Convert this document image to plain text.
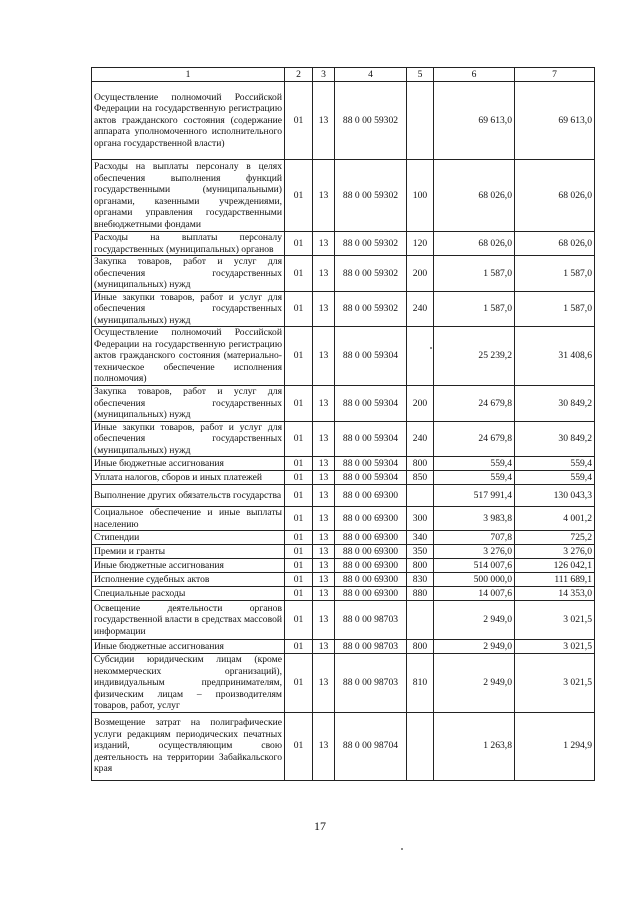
1	2	3	4	5	6	7
Осуществление полномочий Российской Федерации на государственную регистрацию актов гражданского состояния (содержание аппарата уполномоченного исполнительного органа государственной власти)	01	13	88 0 00 59302		69 613,0	69 613,0
Расходы на выплаты персоналу в целях обеспечения выполнения функций государственными (муниципальными) органами, казенными учреждениями, органами управления государственными внебюджетными фондами	01	13	88 0 00 59302	100	68 026,0	68 026,0
Расходы на выплаты персоналу государственных (муниципальных) органов	01	13	88 0 00 59302	120	68 026,0	68 026,0
Закупка товаров, работ и услуг для обеспечения государственных (муниципальных) нужд	01	13	88 0 00 59302	200	1 587,0	1 587,0
Иные закупки товаров, работ и услуг для обеспечения государственных (муниципальных) нужд	01	13	88 0 00 59302	240	1 587,0	1 587,0
Осуществление полномочий Российской Федерации на государственную регистрацию актов гражданского состояния (материально-техническое обеспечение исполнения полномочия)	01	13	88 0 00 59304		25 239,2	31 408,6
Закупка товаров, работ и услуг для обеспечения государственных (муниципальных) нужд	01	13	88 0 00 59304	200	24 679,8	30 849,2
Иные закупки товаров, работ и услуг для обеспечения государственных (муниципальных) нужд	01	13	88 0 00 59304	240	24 679,8	30 849,2
Иные бюджетные ассигнования	01	13	88 0 00 59304	800	559,4	559,4
Уплата налогов, сборов и иных платежей	01	13	88 0 00 59304	850	559,4	559,4
Выполнение других обязательств государства	01	13	88 0 00 69300		517 991,4	130 043,3
Социальное обеспечение и иные выплаты населению	01	13	88 0 00 69300	300	3 983,8	4 001,2
Стипендии	01	13	88 0 00 69300	340	707,8	725,2
Премии и гранты	01	13	88 0 00 69300	350	3 276,0	3 276,0
Иные бюджетные ассигнования	01	13	88 0 00 69300	800	514 007,6	126 042,1
Исполнение судебных актов	01	13	88 0 00 69300	830	500 000,0	111 689,1
Специальные расходы	01	13	88 0 00 69300	880	14 007,6	14 353,0
Освещение деятельности органов государственной власти в средствах массовой информации	01	13	88 0 00 98703		2 949,0	3 021,5
Иные бюджетные ассигнования	01	13	88 0 00 98703	800	2 949,0	3 021,5
Субсидии юридическим лицам (кроме некоммерческих организаций), индивидуальным предпринимателям, физическим лицам – производителям товаров, работ, услуг	01	13	88 0 00 98703	810	2 949,0	3 021,5
Возмещение затрат на полиграфические услуги редакциям периодических печатных изданий, осуществляющим свою деятельность на территории Забайкальского края	01	13	88 0 00 98704		1 263,8	1 294,9
17
